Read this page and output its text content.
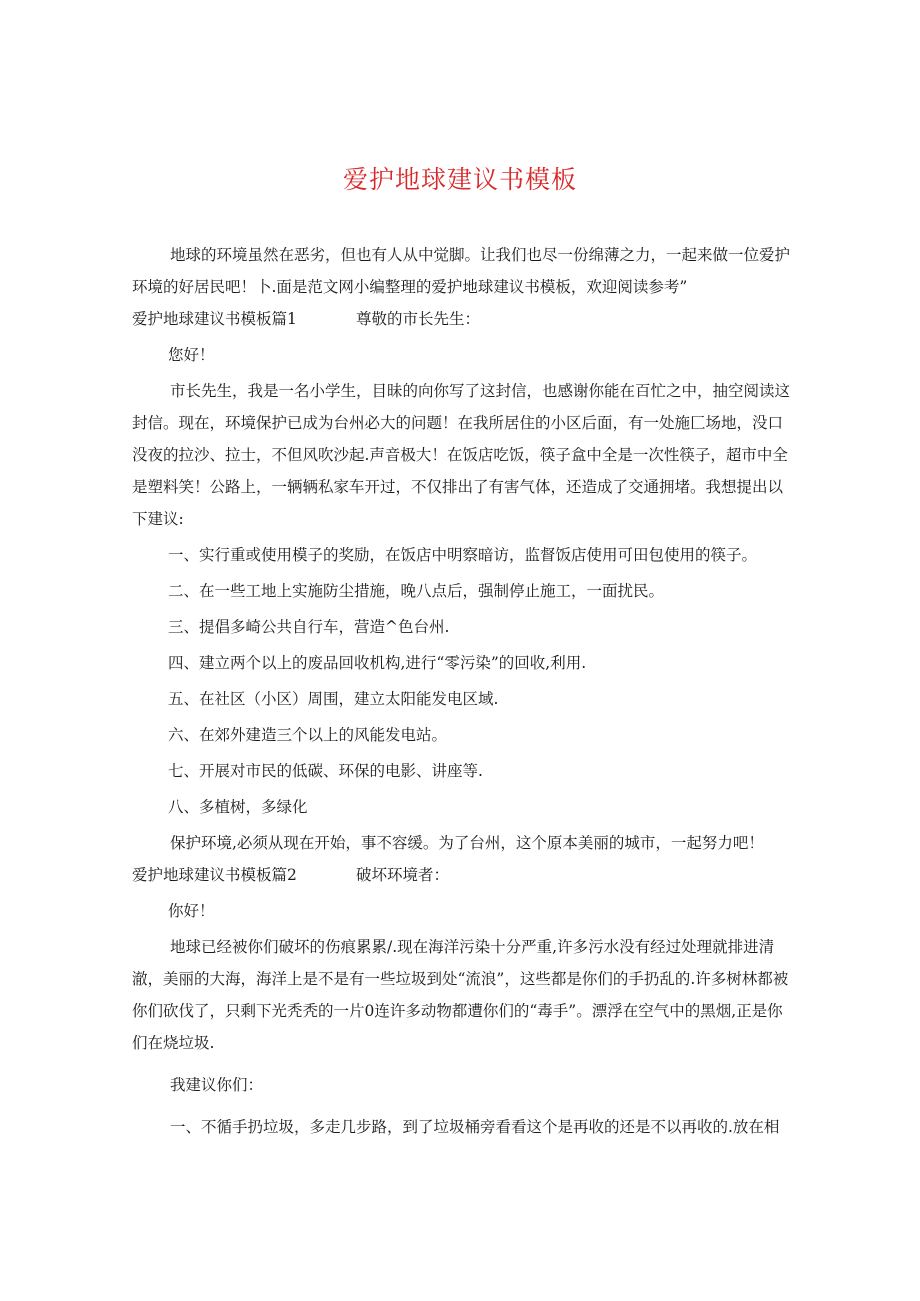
爱护地球建议书模板

地球的环境虽然在恶劣，但也有人从中觉脚。让我们也尽一份绵薄之力，一起来做一位爱护环境的好居民吧！卜.面是范文网小编整理的爱护地球建议书模板，欢迎阅读参考”

爱护地球建议书模板篇1	尊敬的市长先生：

您好！

市长先生，我是一名小学生，目昧的向你写了这封信，也感谢你能在百忙之中，抽空阅读这封信。现在，环境保护已成为台州必大的问题！在我所居住的小区后面，有一处施匚场地，没口没夜的拉沙、拉士，不但风吹沙起.声音极大！在饭店吃饭，筷子盒中全是一次性筷子，超市中全是塑料笑！公路上，一辆辆私家车开过，不仅排出了有害气体，还造成了交通拥堵。我想提出以下建议:

一、实行重或使用模子的奖励，在饭店中明察暗访，监督饭店使用可田包使用的筷子。

二、在一些工地上实施防尘措施，晚八点后，强制停止施工，一面扰民。

三、提倡多崎公共自行车，营造^色台州.

四、建立两个以上的废品回收机构,进行“零污染”的回收,利用.

五、在社区（小区）周围，建立太阳能发电区域.

六、在郊外建造三个以上的风能发电站。

七、开展对市民的低碳、环保的电影、讲座等.

八、多植树，多绿化

保护环境,必须从现在开始，事不容缓。为了台州，这个原本美丽的城市，一起努力吧！

爱护地球建议书模板篇2	破坏环境者：

你好！

地球已经被你们破坏的伤痕累累/.现在海洋污染十分严重,许多污水没有经过处理就排进清澈，美丽的大海，海洋上是不是有一些垃圾到处“流浪”，这些都是你们的手扔乱的.许多树林都被你们砍伐了，只剩下光秃秃的一片0连许多动物都遭你们的“毒手”。漂浮在空气中的黑烟,正是你们在烧垃圾.

我建议你们：

一、不循手扔垃圾，多走几步路，到了垃圾桶旁看看这个是再收的还是不以再收的.放在相
